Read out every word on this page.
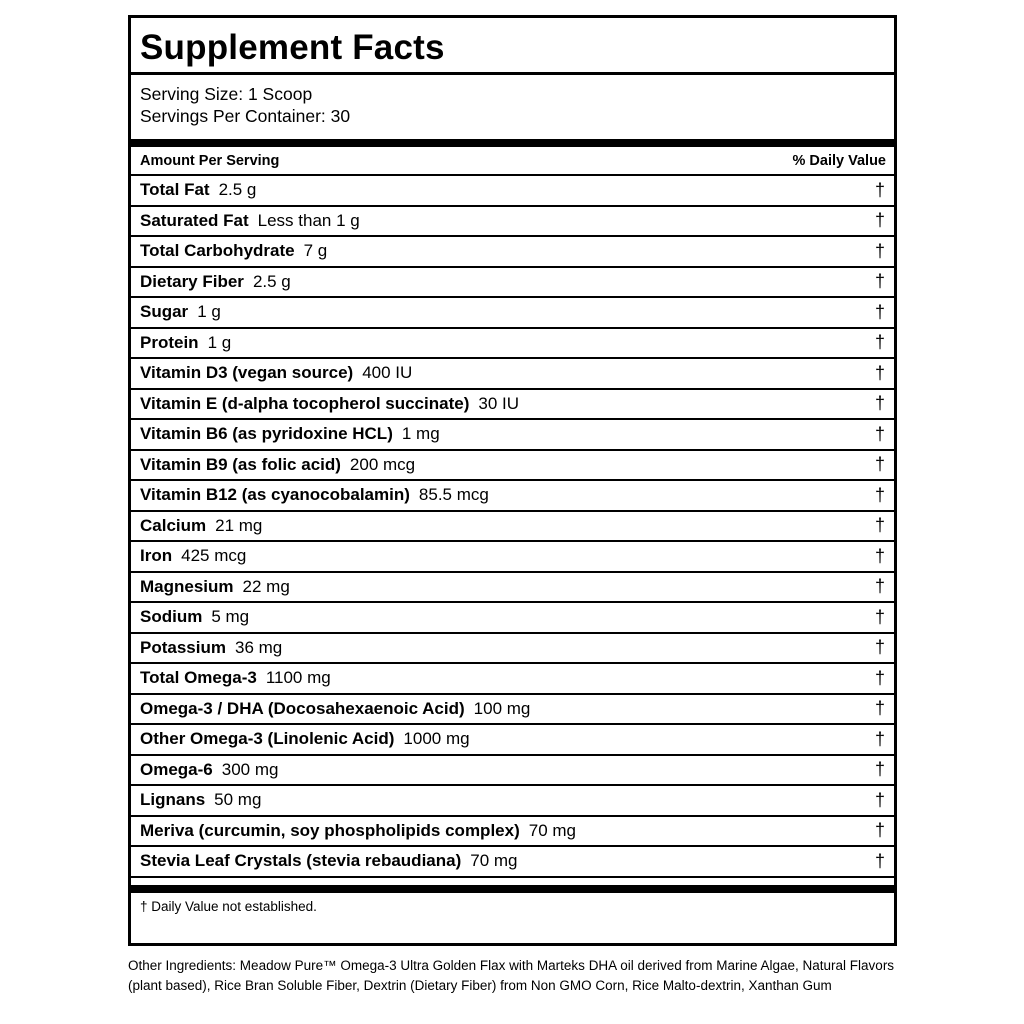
Supplement Facts
Serving Size: 1 Scoop
Servings Per Container: 30
Amount Per Serving	% Daily Value
Total Fat 2.5 g	†
Saturated Fat Less than 1 g	†
Total Carbohydrate 7 g	†
Dietary Fiber 2.5 g	†
Sugar 1 g	†
Protein 1 g	†
Vitamin D3 (vegan source) 400 IU	†
Vitamin E (d-alpha tocopherol succinate) 30 IU	†
Vitamin B6 (as pyridoxine HCL) 1 mg	†
Vitamin B9 (as folic acid) 200 mcg	†
Vitamin B12 (as cyanocobalamin) 85.5 mcg	†
Calcium 21 mg	†
Iron 425 mcg	†
Magnesium 22 mg	†
Sodium 5 mg	†
Potassium 36 mg	†
Total Omega-3 1100 mg	†
Omega-3 / DHA (Docosahexaenoic Acid) 100 mg	†
Other Omega-3 (Linolenic Acid) 1000 mg	†
Omega-6 300 mg	†
Lignans 50 mg	†
Meriva (curcumin, soy phospholipids complex) 70 mg	†
Stevia Leaf Crystals (stevia rebaudiana) 70 mg	†
† Daily Value not established.
Other Ingredients: Meadow Pure™ Omega-3 Ultra Golden Flax with Marteks DHA oil derived from Marine Algae, Natural Flavors (plant based), Rice Bran Soluble Fiber, Dextrin (Dietary Fiber) from Non GMO Corn, Rice Malto-dextrin, Xanthan Gum
